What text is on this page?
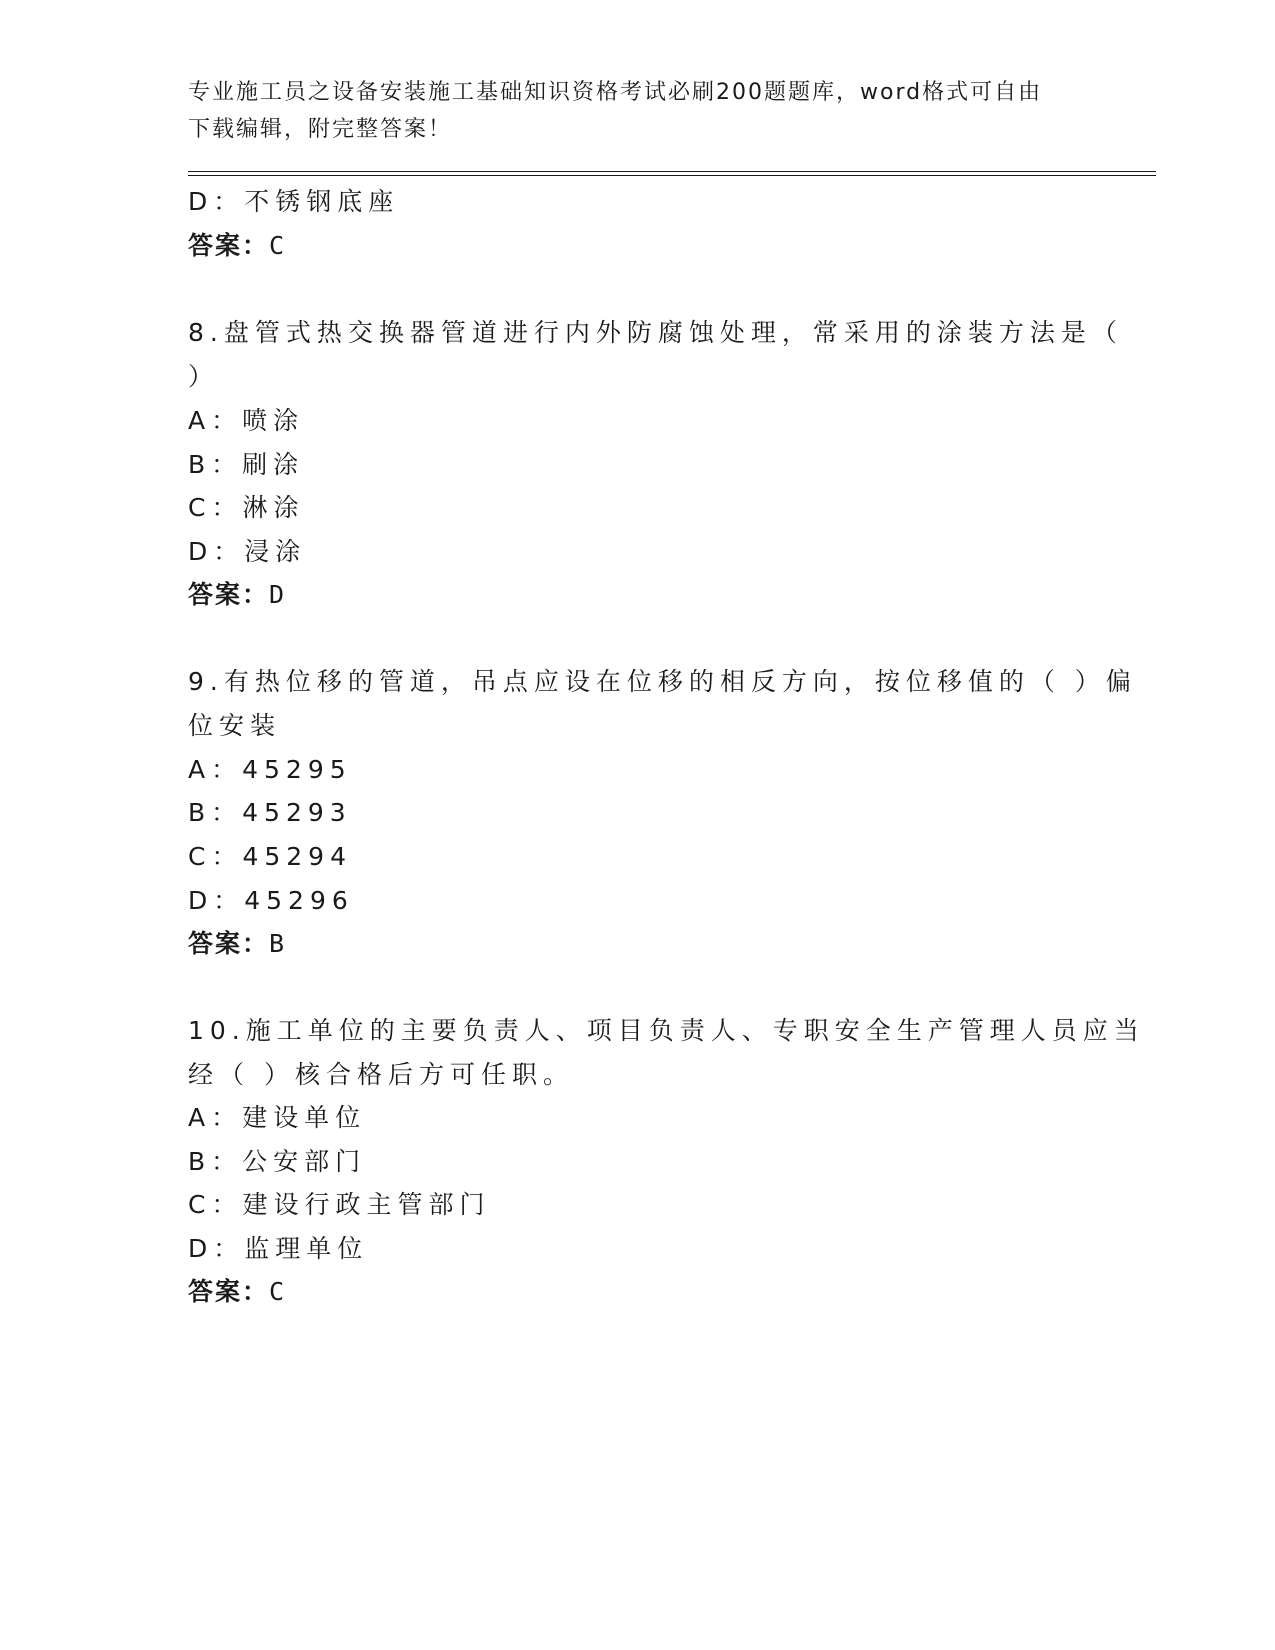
专业施工员之设备安装施工基础知识资格考试必刷200题题库，word格式可自由
下载编辑，附完整答案！
D：不锈钢底座
答案：C
8.盘管式热交换器管道进行内外防腐蚀处理，常采用的涂装方法是（
）
A：喷涂
B：刷涂
C：淋涂
D：浸涂
答案：D
9.有热位移的管道，吊点应设在位移的相反方向，按位移值的（ ）偏
位安装
A：45295
B：45293
C：45294
D：45296
答案：B
10.施工单位的主要负责人、项目负责人、专职安全生产管理人员应当
经（ ）核合格后方可任职。
A：建设单位
B：公安部门
C：建设行政主管部门
D：监理单位
答案：C
